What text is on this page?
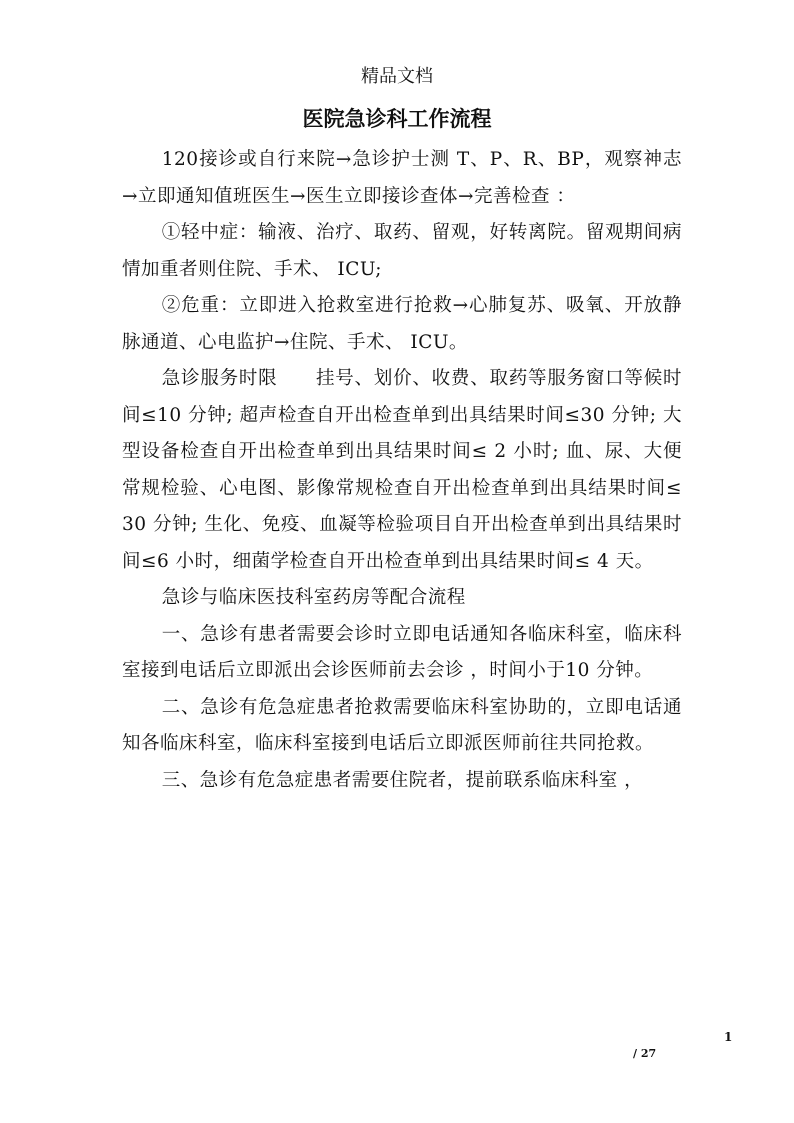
精品文档
医院急诊科工作流程

120接诊或自行来院→急诊护士测 T、P、R、BP，观察神志→立即通知值班医生→医生立即接诊查体→完善检查 ：

①轻中症：输液、治疗、取药、留观，好转离院。留观期间病情加重者则住院、手术、 ICU;

②危重：立即进入抢救室进行抢救→心肺复苏、吸氧、开放静脉通道、心电监护→住院、手术、 ICU。

急诊服务时限　　挂号、划价、收费、取药等服务窗口等候时间≤10 分钟; 超声检查自开出检查单到出具结果时间≤30 分钟; 大型设备检查自开出检查单到出具结果时间≤ 2 小时; 血、尿、大便常规检验、心电图、影像常规检查自开出检查单到出具结果时间≤ 30 分钟; 生化、免疫、血凝等检验项目自开出检查单到出具结果时间≤6 小时，细菌学检查自开出检查单到出具结果时间≤ 4 天。

急诊与临床医技科室药房等配合流程

一、急诊有患者需要会诊时立即电话通知各临床科室，临床科室接到电话后立即派出会诊医师前去会诊 ，时间小于10 分钟。

二、急诊有危急症患者抢救需要临床科室协助的，立即电话通知各临床科室，临床科室接到电话后立即派医师前往共同抢救。

三、急诊有危急症患者需要住院者，提前联系临床科室 ，

1
/ 27
